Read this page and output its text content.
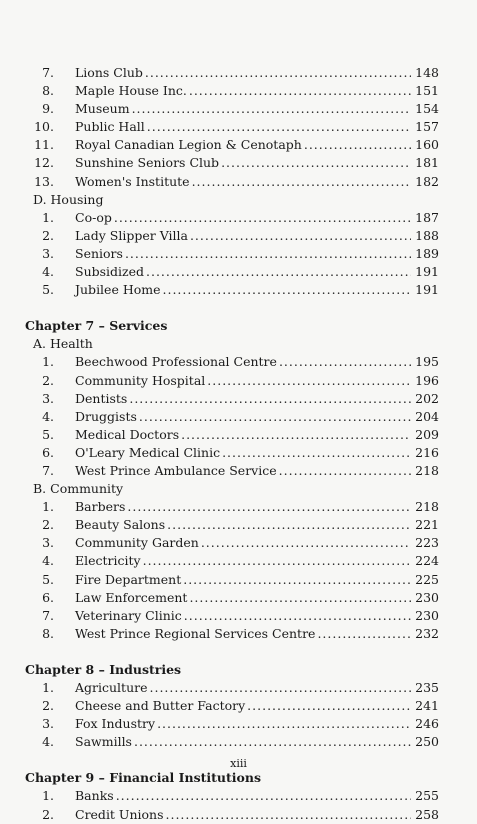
7.	Lions Club .....	148
8.	Maple House Inc. .....	151
9.	Museum .....	154
10.	Public Hall .....	157
11.	Royal Canadian Legion & Cenotaph .....	160
12.	Sunshine Seniors Club .....	181
13.	Women's Institute .....	182
D. Housing
1.	Co-op .....	187
2.	Lady Slipper Villa .....	188
3.	Seniors .....	189
4.	Subsidized .....	191
5.	Jubilee Home .....	191
Chapter 7 – Services
A. Health
1.	Beechwood Professional Centre .....	195
2.	Community Hospital .....	196
3.	Dentists .....	202
4.	Druggists .....	204
5.	Medical Doctors .....	209
6.	O'Leary Medical Clinic .....	216
7.	West Prince Ambulance Service .....	218
B. Community
1.	Barbers .....	218
2.	Beauty Salons .....	221
3.	Community Garden .....	223
4.	Electricity .....	224
5.	Fire Department .....	225
6.	Law Enforcement .....	230
7.	Veterinary Clinic .....	230
8.	West Prince Regional Services Centre .....	232
Chapter 8 – Industries
1.	Agriculture .....	235
2.	Cheese and Butter Factory .....	241
3.	Fox Industry .....	246
4.	Sawmills .....	250
Chapter 9 – Financial Institutions
1.	Banks .....	255
2.	Credit Unions .....	258
xiii
